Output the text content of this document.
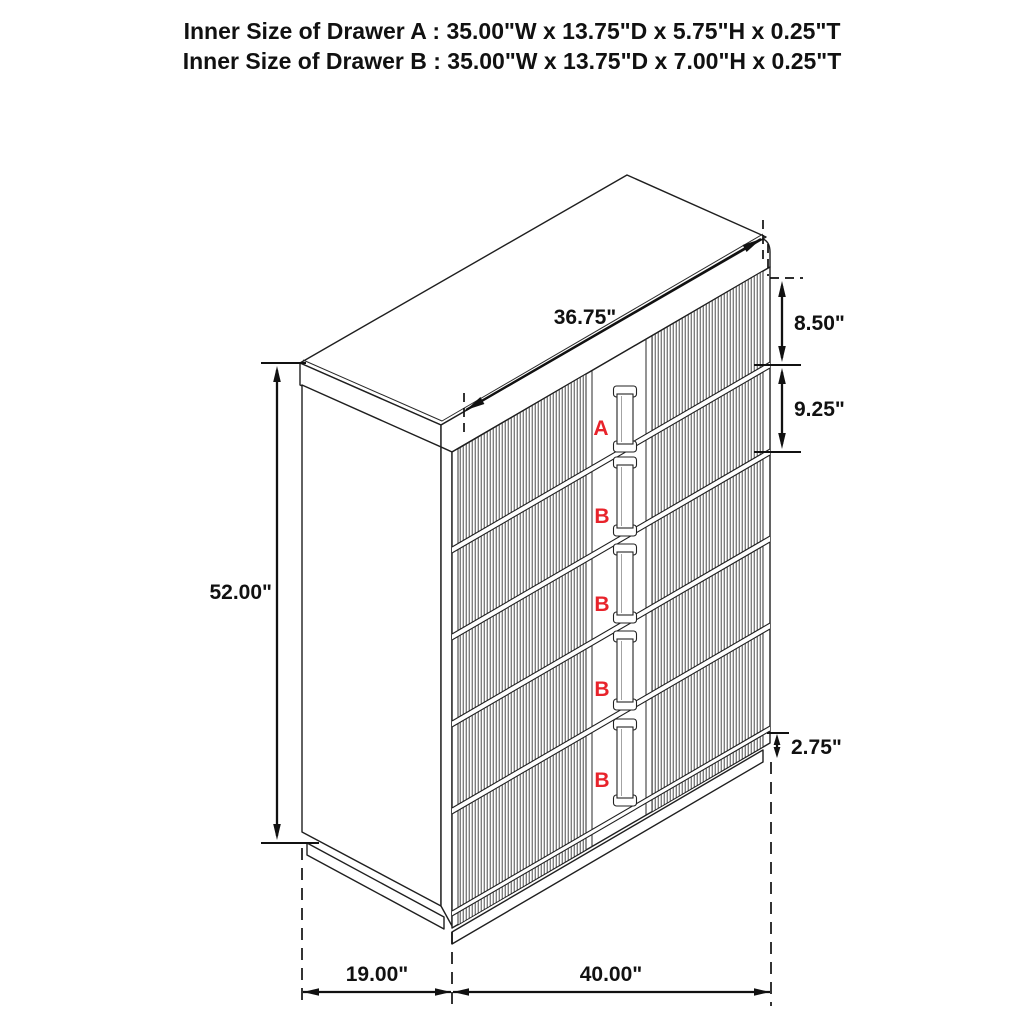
A
B
B
B
B
36.75"	8.50"
9.25"
52.00"
2.75"
19.00"	40.00"
Inner Size of Drawer A : 35.00"W x 13.75"D x 5.75"H x 0.25"T
Inner Size of Drawer B : 35.00"W x 13.75"D x 7.00"H x 0.25"T
